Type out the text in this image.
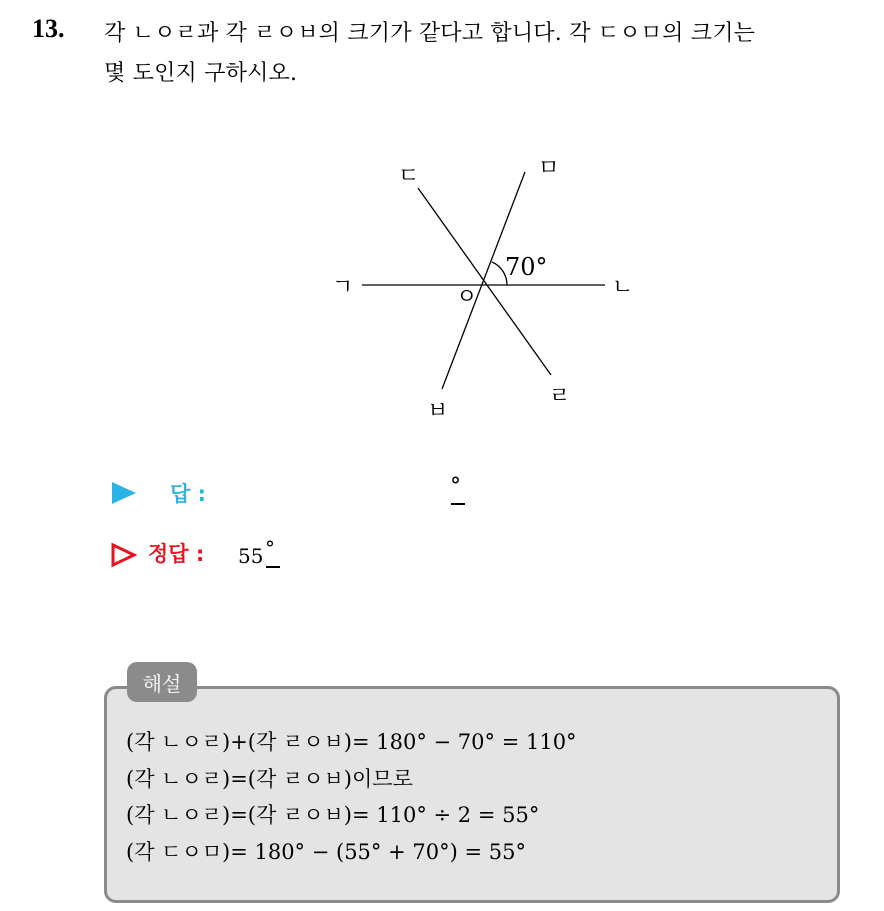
13. 각 ㄴㅇㄹ과 각 ㄹㅇㅂ의 크기가 같다고 합니다. 각 ㄷㅇㅁ의 크기는
몇 도인지 구하시오.
ㄷ	ㅁ
ㄱ	ㄴ
ㅇ
ㄹ
ㅂ
70°
답 :	°
정답 : 55 °
해설
(각 ㄴㅇㄹ)+(각 ㄹㅇㅂ)= 180° − 70° = 110°
(각 ㄴㅇㄹ)=(각 ㄹㅇㅂ)이므로
(각 ㄴㅇㄹ)=(각 ㄹㅇㅂ)= 110° ÷ 2 = 55°
(각 ㄷㅇㅁ)= 180° − (55° + 70°) = 55°
